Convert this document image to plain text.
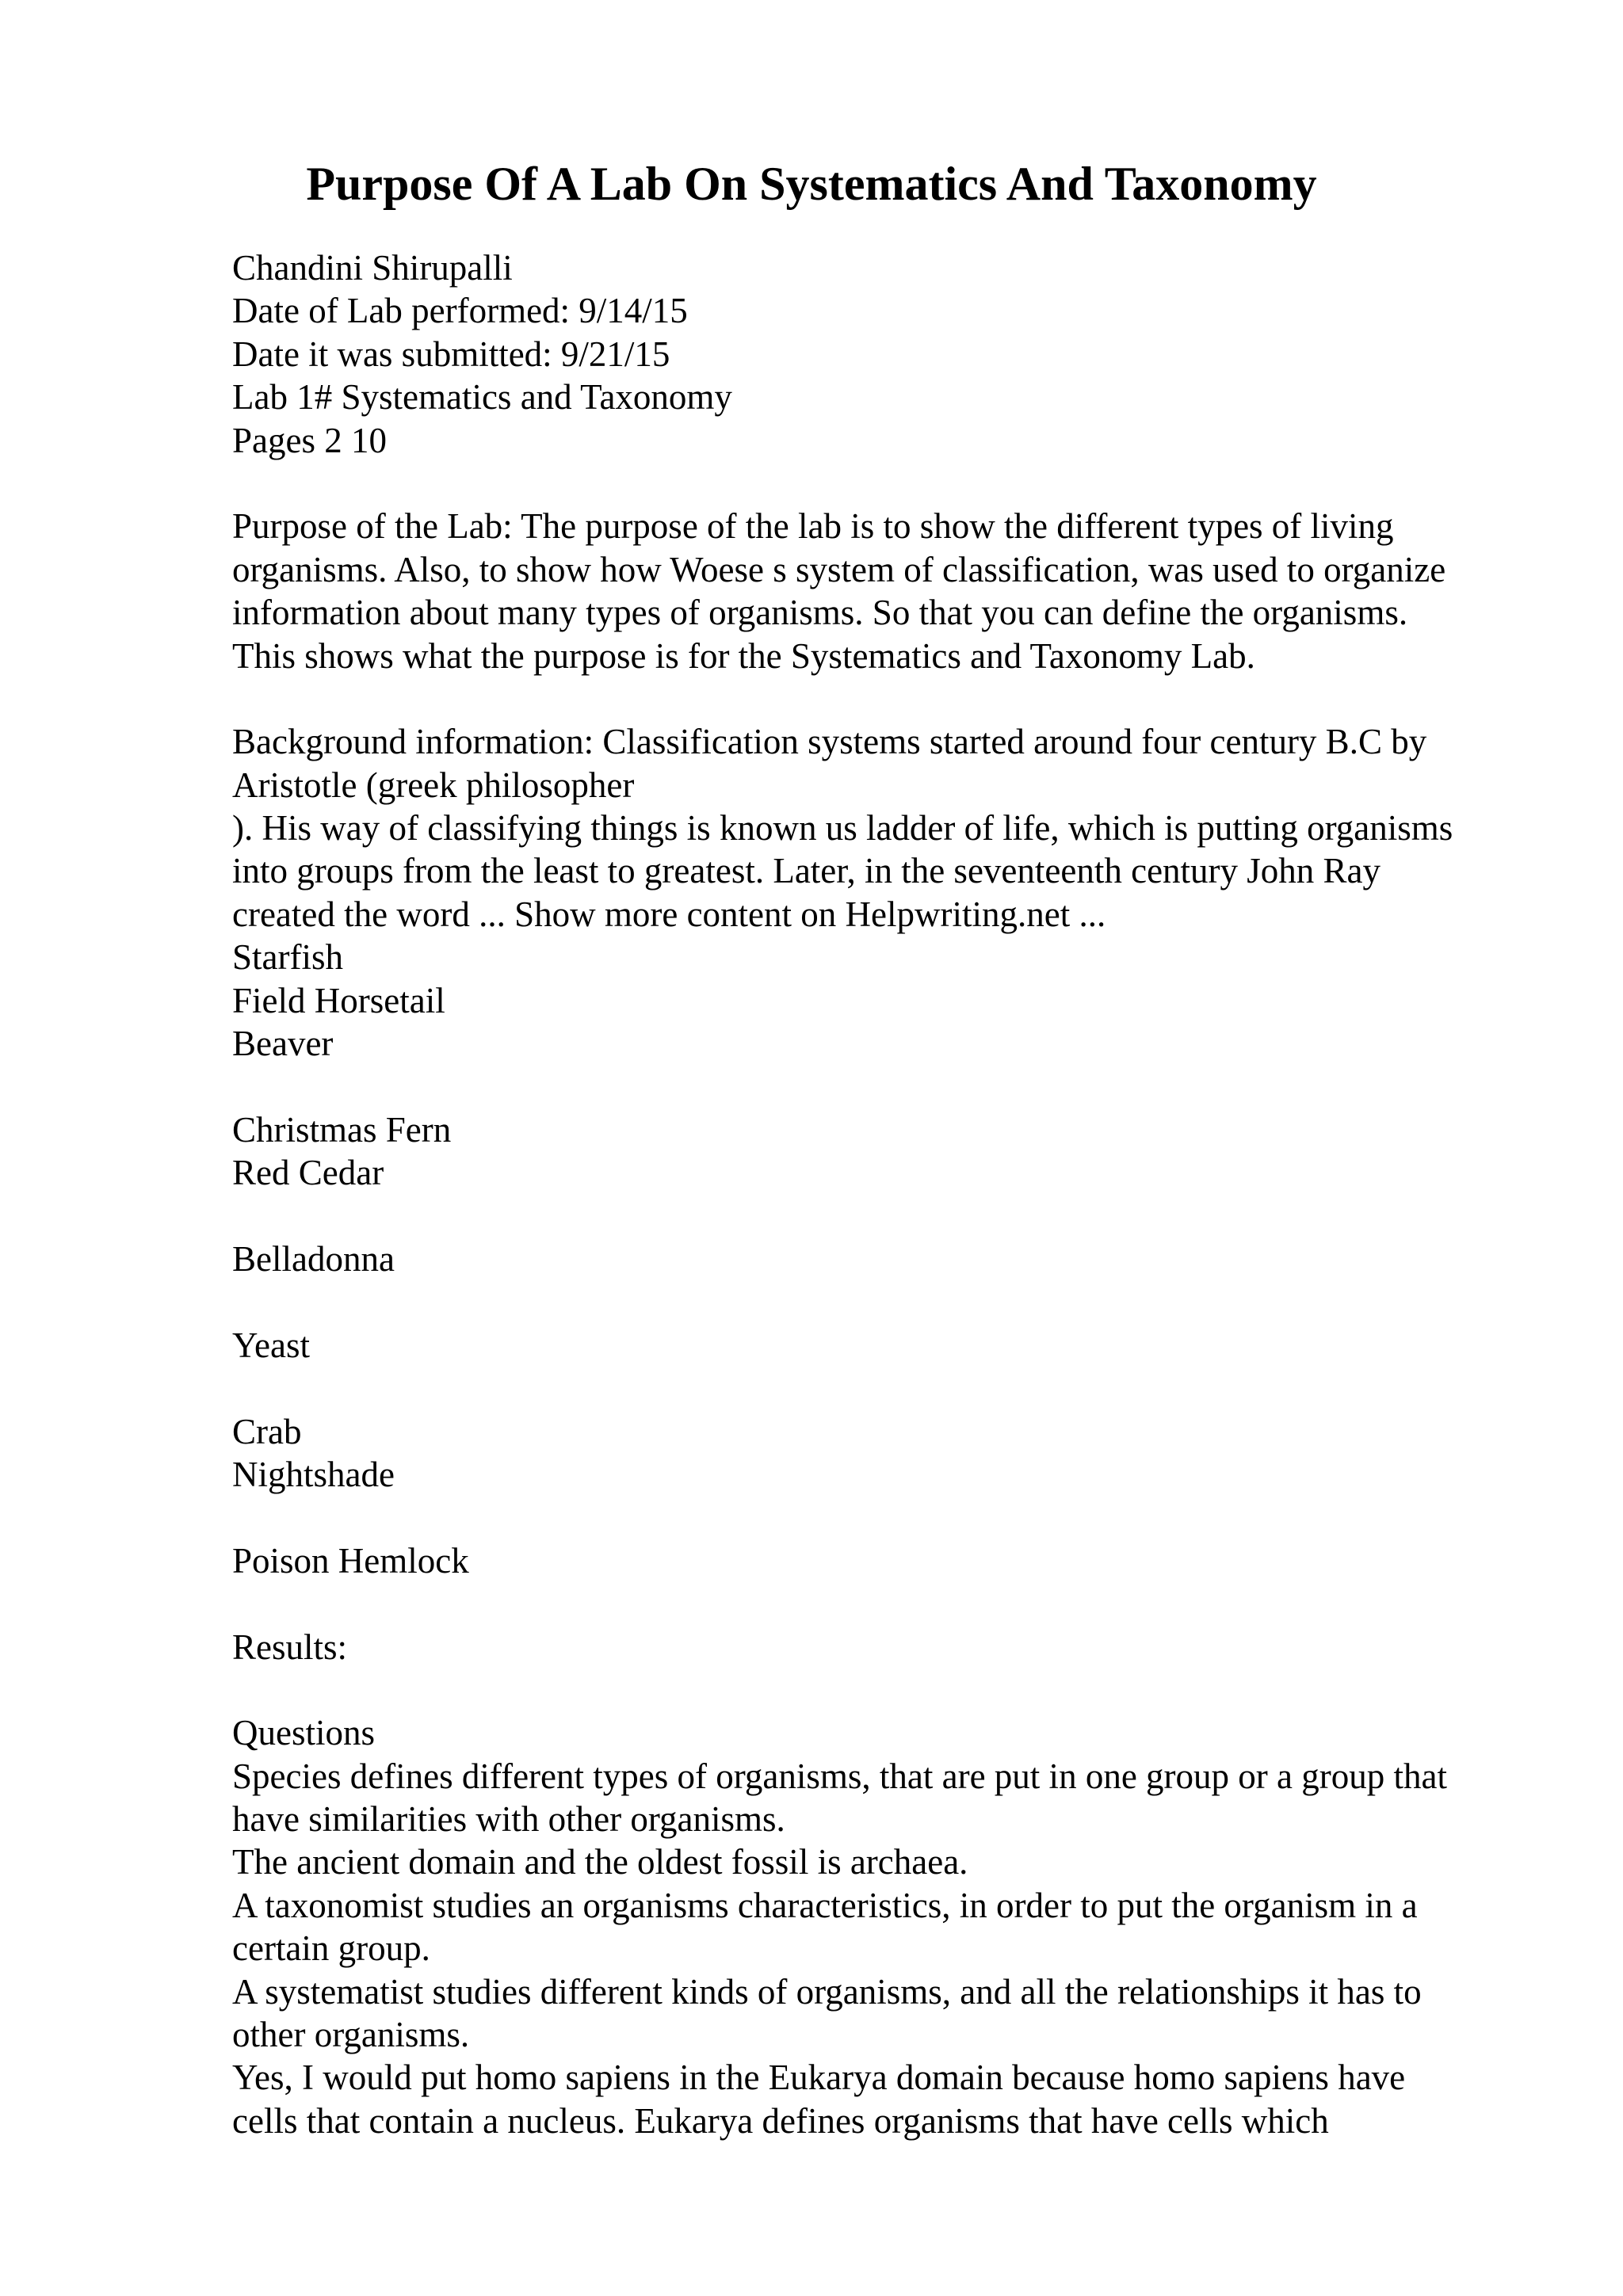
Purpose Of A Lab On Systematics And Taxonomy
Chandini Shirupalli
Date of Lab performed: 9/14/15
Date it was submitted: 9/21/15
Lab 1# Systematics and Taxonomy
Pages 2 10
Purpose of the Lab: The purpose of the lab is to show the different types of living
organisms. Also, to show how Woese s system of classification, was used to organize
information about many types of organisms. So that you can define the organisms.
This shows what the purpose is for the Systematics and Taxonomy Lab.
Background information: Classification systems started around four century B.C by
Aristotle (greek philosopher
). His way of classifying things is known us ladder of life, which is putting organisms
into groups from the least to greatest. Later, in the seventeenth century John Ray
created the word ... Show more content on Helpwriting.net ...
Starfish
Field Horsetail
Beaver
Christmas Fern
Red Cedar
Belladonna
Yeast
Crab
Nightshade
Poison Hemlock
Results:
Questions
Species defines different types of organisms, that are put in one group or a group that
have similarities with other organisms.
The ancient domain and the oldest fossil is archaea.
A taxonomist studies an organisms characteristics, in order to put the organism in a
certain group.
A systematist studies different kinds of organisms, and all the relationships it has to
other organisms.
Yes, I would put homo sapiens in the Eukarya domain because homo sapiens have
cells that contain a nucleus. Eukarya defines organisms that have cells which
